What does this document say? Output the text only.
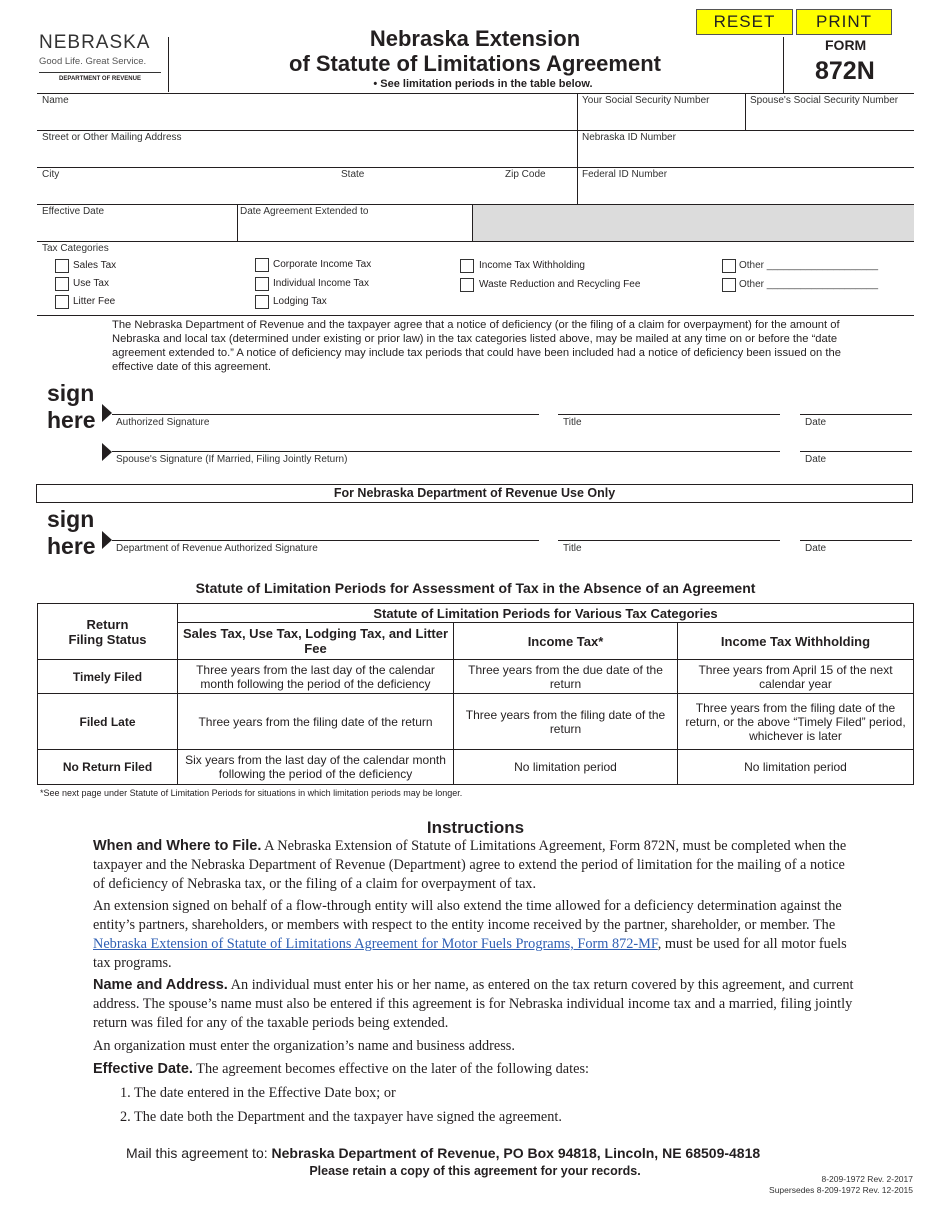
NEBRASKA
Good Life. Great Service.
DEPARTMENT OF REVENUE
Nebraska Extension
of Statute of Limitations Agreement
• See limitation periods in the table below.
RESET	PRINT
FORM
872N
Name	Your Social Security Number	Spouse's Social Security Number
Street or Other Mailing Address	Nebraska ID Number
City	State	Zip Code	Federal ID Number
Effective Date	Date Agreement Extended to
Tax Categories
Sales Tax
Use Tax
Litter Fee
Corporate Income Tax
Individual Income Tax
Lodging Tax
Income Tax Withholding
Waste Reduction and Recycling Fee
Other ____________________
Other ____________________
The Nebraska Department of Revenue and the taxpayer agree that a notice of deficiency (or the filing of a claim for overpayment) for the amount of Nebraska and local tax (determined under existing or prior law) in the tax categories listed above, may be mailed at any time on or before the “date agreement extended to.” A notice of deficiency may include tax periods that could have been included had a notice of deficiency been issued on the effective date of this agreement.
sign
here Authorized Signature	Title	Date
Spouse's Signature (If Married, Filing Jointly Return)	Date
For Nebraska Department of Revenue Use Only
sign
here Department of Revenue Authorized Signature	Title	Date
Statute of Limitation Periods for Assessment of Tax in the Absence of an Agreement
Return
Filing Status	Statute of Limitation Periods for Various Tax Categories		
	Sales Tax, Use Tax, Lodging Tax, and Litter Fee	Income Tax*	Income Tax Withholding
Timely Filed	Three years from the last day of the calendar month following the period of the deficiency	Three years from the due date of the return	Three years from April 15 of the next calendar year
Filed Late	Three years from the filing date of the return	Three years from the filing date of the return	Three years from the filing date of the return, or the above “Timely Filed” period, whichever is later
No Return Filed	Six years from the last day of the calendar month following the period of the deficiency	No limitation period	No limitation period
*See next page under Statute of Limitation Periods for situations in which limitation periods may be longer.
Instructions
When and Where to File. A Nebraska Extension of Statute of Limitations Agreement, Form 872N, must be completed when the taxpayer and the Nebraska Department of Revenue (Department) agree to extend the period of limitation for the mailing of a notice of deficiency of Nebraska tax, or the filing of a claim for overpayment of tax.
An extension signed on behalf of a flow-through entity will also extend the time allowed for a deficiency determination against the entity’s partners, shareholders, or members with respect to the entity income received by the partner, shareholder, or member. The Nebraska Extension of Statute of Limitations Agreement for Motor Fuels Programs, Form 872-MF, must be used for all motor fuels tax programs.
Name and Address. An individual must enter his or her name, as entered on the tax return covered by this agreement, and current address. The spouse’s name must also be entered if this agreement is for Nebraska individual income tax and a married, filing jointly return was filed for any of the taxable periods being extended.
An organization must enter the organization’s name and business address.
Effective Date. The agreement becomes effective on the later of the following dates:
1. The date entered in the Effective Date box; or
2. The date both the Department and the taxpayer have signed the agreement.
Mail this agreement to: Nebraska Department of Revenue, PO Box 94818, Lincoln, NE 68509-4818
Please retain a copy of this agreement for your records.
8-209-1972 Rev. 2-2017
Supersedes 8-209-1972 Rev. 12-2015
